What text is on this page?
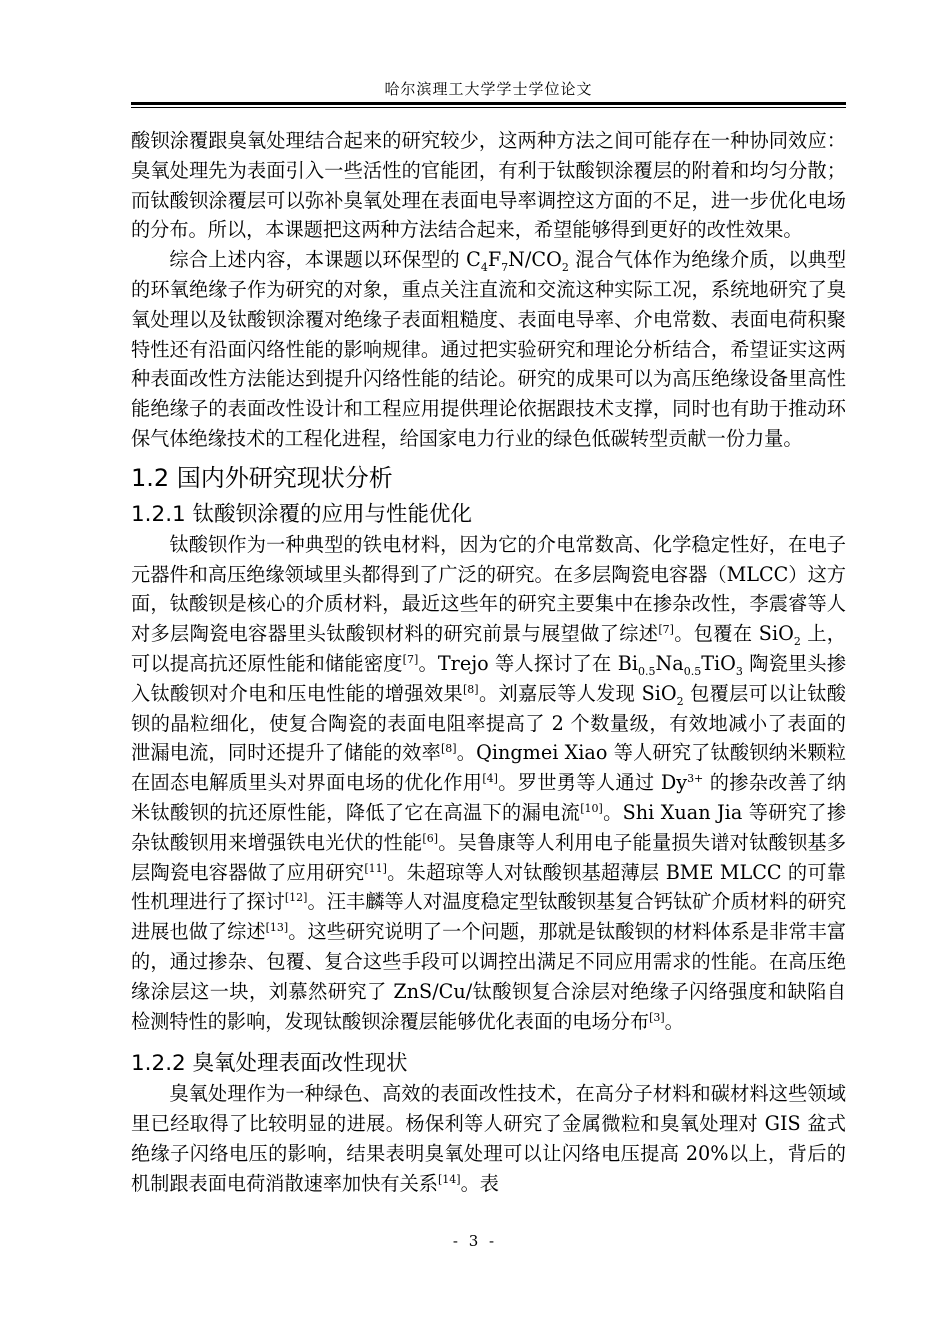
哈尔滨理工大学学士学位论文

酸钡涂覆跟臭氧处理结合起来的研究较少，这两种方法之间可能存在一种协同效应：臭氧处理先为表面引入一些活性的官能团，有利于钛酸钡涂覆层的附着和均匀分散；而钛酸钡涂覆层可以弥补臭氧处理在表面电导率调控这方面的不足，进一步优化电场的分布。所以，本课题把这两种方法结合起来，希望能够得到更好的改性效果。

综合上述内容，本课题以环保型的 $C_4F_7N/CO_2$ 混合气体作为绝缘介质，以典型的环氧绝缘子作为研究的对象，重点关注直流和交流这种实际工况，系统地研究了臭氧处理以及钛酸钡涂覆对绝缘子表面粗糙度、表面电导率、介电常数、表面电荷积聚特性还有沿面闪络性能的影响规律。通过把实验研究和理论分析结合，希望证实这两种表面改性方法能达到提升闪络性能的结论。研究的成果可以为高压绝缘设备里高性能绝缘子的表面改性设计和工程应用提供理论依据跟技术支撑，同时也有助于推动环保气体绝缘技术的工程化进程，给国家电力行业的绿色低碳转型贡献一份力量。

1.2 国内外研究现状分析
1.2.1 钛酸钡涂覆的应用与性能优化

钛酸钡作为一种典型的铁电材料，因为它的介电常数高、化学稳定性好，在电子元器件和高压绝缘领域里头都得到了广泛的研究。在多层陶瓷电容器（MLCC）这方面，钛酸钡是核心的介质材料，最近这些年的研究主要集中在掺杂改性，李震睿等人对多层陶瓷电容器里头钛酸钡材料的研究前景与展望做了综述[7]。包覆在 SiO$_2$ 上，可以提高抗还原性能和储能密度[7]。Trejo 等人探讨了在 $Bi_{0.5}Na_{0.5}TiO_3$ 陶瓷里头掺入钛酸钡对介电和压电性能的增强效果[8]。刘嘉辰等人发现 SiO$_2$ 包覆层可以让钛酸钡的晶粒细化，使复合陶瓷的表面电阻率提高了 2 个数量级，有效地减小了表面的泄漏电流，同时还提升了储能的效率[8]。Qingmei Xiao 等人研究了钛酸钡纳米颗粒在固态电解质里头对界面电场的优化作用[4]。罗世勇等人通过 Dy$^{3+}$ 的掺杂改善了纳米钛酸钡的抗还原性能，降低了它在高温下的漏电流[10]。Shi Xuan Jia 等研究了掺杂钛酸钡用来增强铁电光伏的性能[6]。吴鲁康等人利用电子能量损失谱对钛酸钡基多层陶瓷电容器做了应用研究[11]。朱超琼等人对钛酸钡基超薄层 BME MLCC 的可靠性机理进行了探讨[12]。汪丰麟等人对温度稳定型钛酸钡基复合钙钛矿介质材料的研究进展也做了综述[13]。这些研究说明了一个问题，那就是钛酸钡的材料体系是非常丰富的，通过掺杂、包覆、复合这些手段可以调控出满足不同应用需求的性能。在高压绝缘涂层这一块，刘慕然研究了 ZnS/Cu/钛酸钡复合涂层对绝缘子闪络强度和缺陷自检测特性的影响，发现钛酸钡涂覆层能够优化表面的电场分布[3]。

1.2.2 臭氧处理表面改性现状

臭氧处理作为一种绿色、高效的表面改性技术，在高分子材料和碳材料这些领域里已经取得了比较明显的进展。杨保利等人研究了金属微粒和臭氧处理对 GIS 盆式绝缘子闪络电压的影响，结果表明臭氧处理可以让闪络电压提高 20%以上，背后的机制跟表面电荷消散速率加快有关系[14]。表

- 3 -
